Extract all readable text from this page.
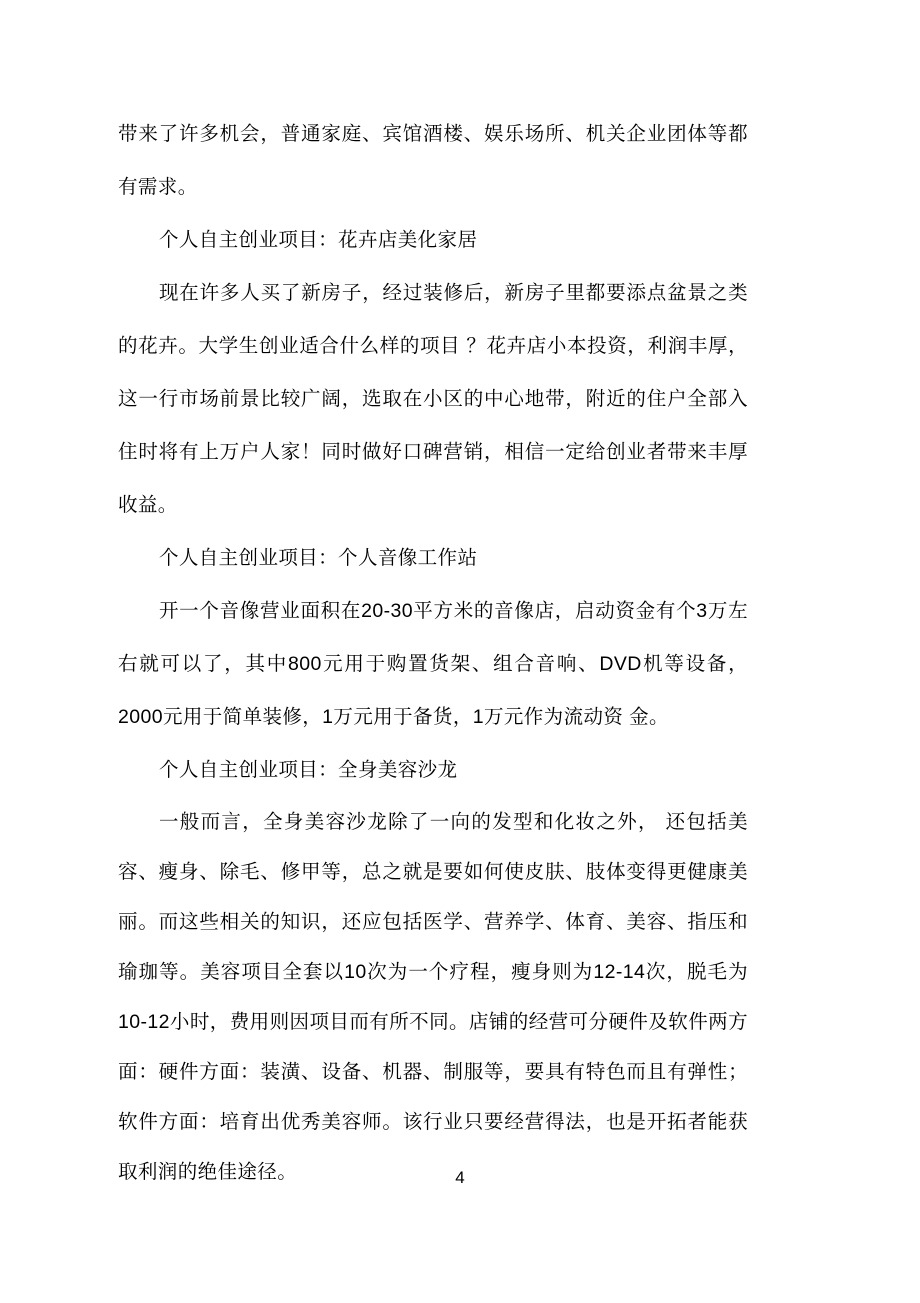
带来了许多机会，普通家庭、宾馆酒楼、娱乐场所、机关企业团体等都有需求。

个人自主创业项目：花卉店美化家居

现在许多人买了新房子，经过装修后，新房子里都要添点盆景之类的花卉。大学生创业适合什么样的项目 ？花卉店小本投资，利润丰厚，这一行市场前景比较广阔，选取在小区的中心地带，附近的住户全部入住时将有上万户人家！同时做好口碑营销，相信一定给创业者带来丰厚收益。

个人自主创业项目：个人音像工作站

开一个音像营业面积在20-30平方米的音像店，启动资金有个3万左右就可以了，其中800元用于购置货架、组合音响、DVD机等设备，2000元用于简单装修，1万元用于备货，1万元作为流动资 金。

个人自主创业项目：全身美容沙龙

一般而言，全身美容沙龙除了一向的发型和化妆之外， 还包括美容、瘦身、除毛、修甲等，总之就是要如何使皮肤、肢体变得更健康美丽。而这些相关的知识，还应包括医学、营养学、体育、美容、指压和瑜珈等。美容项目全套以10次为一个疗程，瘦身则为12-14次，脱毛为10-12小时，费用则因项目而有所不同。店铺的经营可分硬件及软件两方面：硬件方面：装潢、设备、机器、制服等，要具有特色而且有弹性；软件方面：培育出优秀美容师。该行业只要经营得法，也是开拓者能获取利润的绝佳途径。	4
